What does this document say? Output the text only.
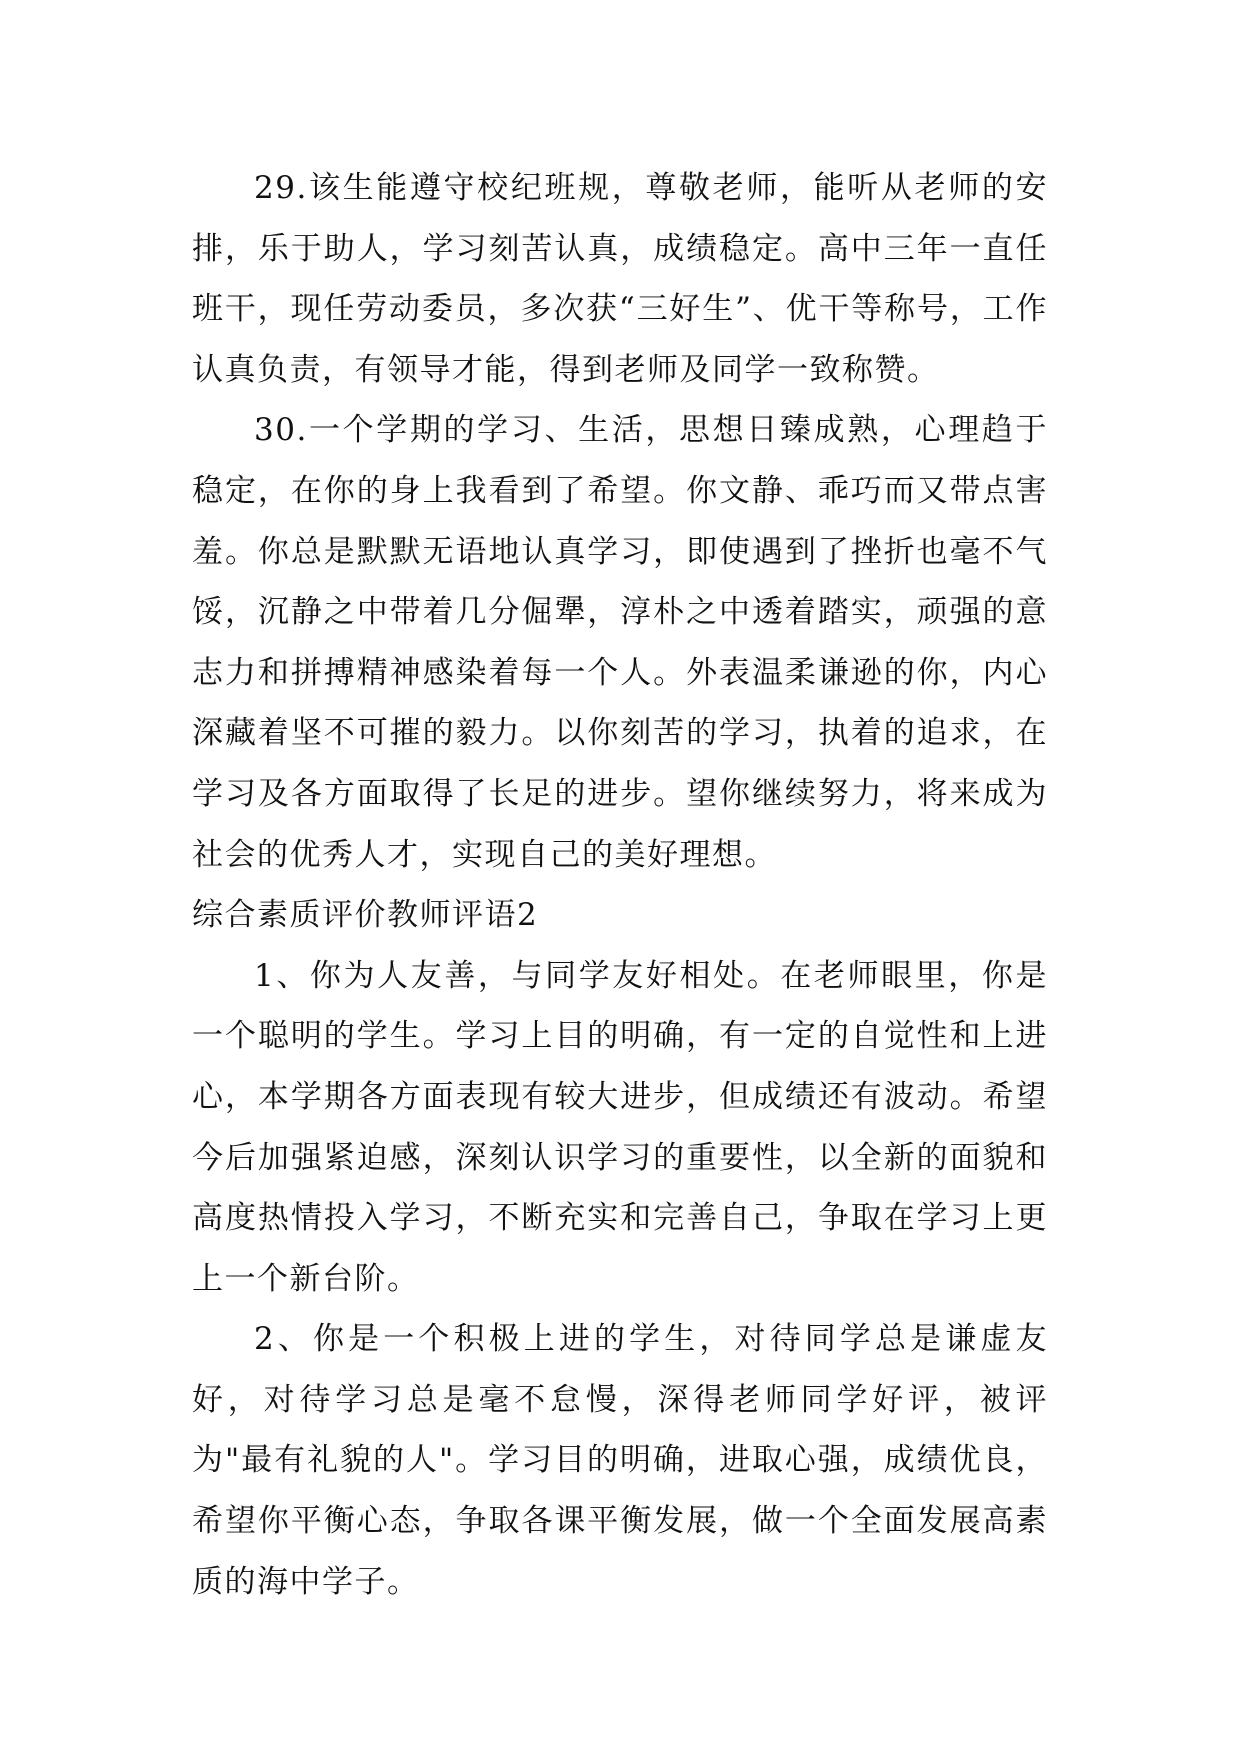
29.该生能遵守校纪班规，尊敬老师，能听从老师的安排，乐于助人，学习刻苦认真，成绩稳定。高中三年一直任班干，现任劳动委员，多次获“三好生”、优干等称号，工作认真负责，有领导才能，得到老师及同学一致称赞。

30.一个学期的学习、生活，思想日臻成熟，心理趋于稳定，在你的身上我看到了希望。你文静、乖巧而又带点害羞。你总是默默无语地认真学习，即使遇到了挫折也毫不气馁，沉静之中带着几分倔犟，淳朴之中透着踏实，顽强的意志力和拼搏精神感染着每一个人。外表温柔谦逊的你，内心深藏着坚不可摧的毅力。以你刻苦的学习，执着的追求，在学习及各方面取得了长足的进步。望你继续努力，将来成为社会的优秀人才，实现自己的美好理想。

综合素质评价教师评语2

1、你为人友善，与同学友好相处。在老师眼里，你是一个聪明的学生。学习上目的明确，有一定的自觉性和上进心，本学期各方面表现有较大进步，但成绩还有波动。希望今后加强紧迫感，深刻认识学习的重要性，以全新的面貌和高度热情投入学习，不断充实和完善自己，争取在学习上更上一个新台阶。

2、你是一个积极上进的学生，对待同学总是谦虚友好，对待学习总是毫不怠慢，深得老师同学好评，被评为"最有礼貌的人"。学习目的明确，进取心强，成绩优良，希望你平衡心态，争取各课平衡发展，做一个全面发展高素质的海中学子。
